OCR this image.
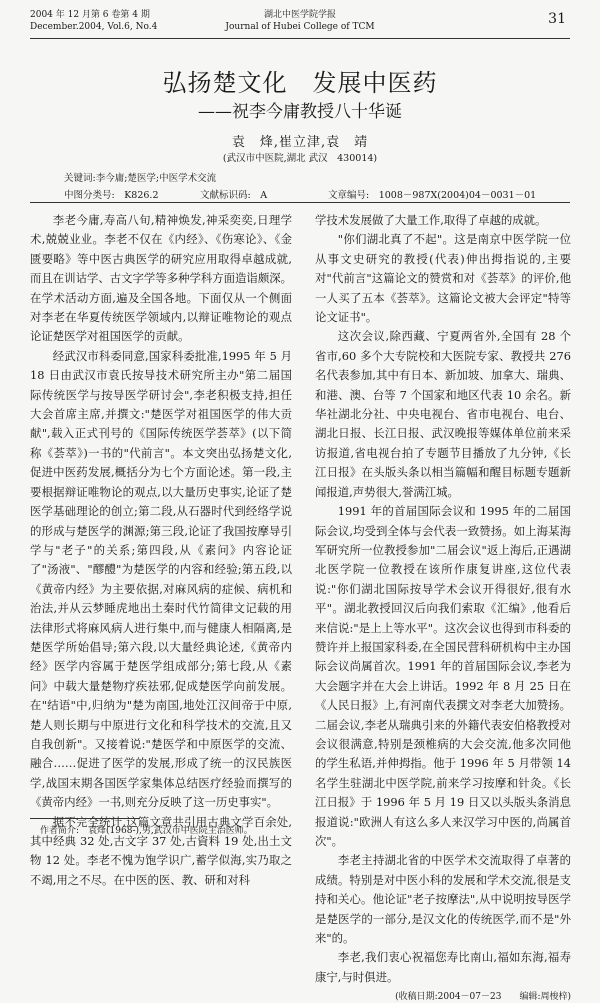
2004 年 12 月第 6 卷第 4 期
December.2004, Vol.6, No.4
湖北中医学院学报
Journal of Hubei College of TCM	31
弘扬楚文化　发展中医药
——祝李今庸教授八十华诞
袁　烽,崔立津,袁　靖
(武汉市中医院,湖北 武汉　430014)
关键词:李今庸;楚医学;中医学术交流
中图分类号:　K826.2	文献标识码:　A	文章编号:　1008－987X(2004)04－0031－01

李老今庸,寿高八旬,精神焕发,神采奕奕,日理学术,兢兢业业。李老不仅在《内经》、《伤寒论》、《金匮要略》等中医古典医学的研究应用取得卓越成就,而且在训诂学、古文字学等多种学科方面造诣颇深。在学术活动方面,遍及全国各地。下面仅从一个侧面对李老在华夏传统医学领域内,以辩证唯物论的观点论证楚医学对祖国医学的贡献。

经武汉市科委同意,国家科委批准,1995 年 5 月 18 日由武汉市袁氏按导技术研究所主办"第二届国际传统医学与按导医学研讨会",李老积极支持,担任大会首席主席,并撰文:"楚医学对祖国医学的伟大贡献",载入正式刊号的《国际传统医学荟萃》(以下简称《荟萃》)一书的"代前言"。本文突出弘扬楚文化,促进中医药发展,概括分为七个方面论述。第一段,主要根据辩证唯物论的观点,以大量历史事实,论证了楚医学基础理论的创立;第二段,从石器时代到经络学说的形成与楚医学的渊源;第三段,论证了我国按摩导引学与"老子"的关系;第四段,从《素问》内容论证了"汤液"、"醪醴"为楚医学的内容和经验;第五段,以《黄帝内经》为主要依据,对麻风病的症候、病机和治法,并从云梦睡虎地出土秦时代竹简律文记载的用法律形式将麻风病人进行集中,而与健康人相隔离,是楚医学所始倡导;第六段,以大量经典论述,《黄帝内经》医学内容属于楚医学组成部分;第七段,从《素问》中载大量楚物疗疾祛邪,促成楚医学向前发展。在"结语"中,归纳为"楚为南国,地处江汉间帝于中原,楚人则长期与中原进行文化和科学技术的交流,且又自我创新"。又接着说:"楚医学和中原医学的交流、融合……促进了医学的发展,形成了统一的汉民族医学,战国末期各国医学家集体总结医疗经验而撰写的《黄帝内经》一书,则充分反映了这一历史事实"。

据不完全统计,这篇文章共引用古典文学百余处,其中经典 32 处,古文字 37 处,古資料 19 处,出土文物 12 处。李老不愧为饱学识广,蓄学似海,实乃取之不竭,用之不尽。在中医的医、教、研和对科

学技术发展做了大量工作,取得了卓越的成就。

"你们湖北真了不起"。这是南京中医学院一位从事文史研究的教授(代表)伸出拇指说的,主要对"代前言"这篇论文的赞赏和对《荟萃》的评价,他一人买了五本《荟萃》。这篇论文被大会评定"特等论文证书"。

这次会议,除西藏、宁夏两省外,全国有 28 个省市,60 多个大专院校和大医院专家、教授共 276 名代表参加,其中有日本、新加坡、加拿大、瑞典、和港、澳、台等 7 个国家和地区代表 10 余名。新华社湖北分社、中央电视台、省市电视台、电台、湖北日报、长江日报、武汉晚报等媒体单位前来采访报道,省电视台拍了专题节目播放了九分钟,《长江日报》在头版头条以相当篇幅和醒目标题专题新闻报道,声势很大,誉满江城。

1991 年的首届国际会议和 1995 年的二届国际会议,均受到全体与会代表一致赞扬。如上海某海军研究所一位教授参加"二届会议"返上海后,正遇湖北医学院一位教授在该所作康复讲座,这位代表说:"你们湖北国际按导学术会议开得很好,很有水平"。湖北教授回汉后向我们索取《汇编》,他看后来信说:"是上上等水平"。这次会议也得到市科委的赞许并上报国家科委,在全国民营科研机构中主办国际会议尚属首次。1991 年的首届国际会议,李老为大会题字并在大会上讲话。1992 年 8 月 25 日在《人民日报》上,有河南代表撰文对李老大加赞扬。二届会议,李老从瑞典引来的外籍代表安伯格教授对会议很满意,特别是颈椎病的大会交流,他多次同他的学生私语,并伸拇指。他于 1996 年 5 月带领 14 名学生驻湖北中医学院,前来学习按摩和针灸。《长江日报》于 1996 年 5 月 19 日又以头版头条消息报道说:"欧洲人有这么多人来汉学习中医的,尚属首次"。

李老主持湖北省的中医学术交流取得了卓著的成绩。特别是对中医小科的发展和学术交流,很是支持和关心。他论证"老子按摩法",从中说明按导医学是楚医学的一部分,是汉文化的传统医学,而不是"外来"的。

李老,我们衷心祝福您寿比南山,福如东海,福寿康宁,与时俱进。

(收稿日期:2004－07－23 编辑:周梭梓)
作者简介:　袁烽(1968-),男,武汉市中医院主治医师。
